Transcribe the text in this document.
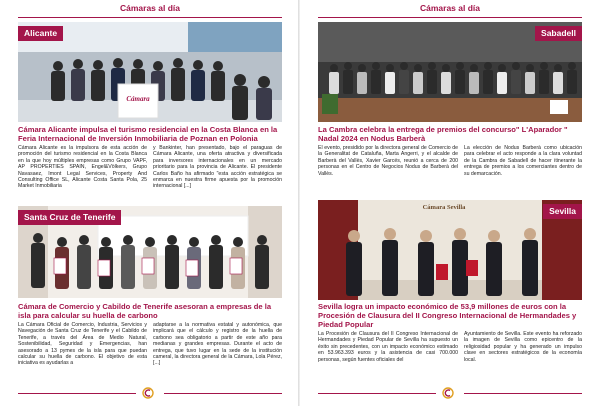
Cámaras al día
Cámara
Alicante
Cámara Alicante impulsa el turismo residencial en la Costa Blanca en la Feria Internacional de Inversión Inmobiliaria de Poznan en Polonia
Cámara Alicante es la impulsora de esta acción de promoción del turismo residencial en la Costa Blanca en la que hoy múltiples empresas como Grupo VAPF, AP PROPERTIES SPAIN, Engel&Völkers, Grupo Navasaez, Imont Legal Services, Property And Consulting Office SL, Alicante Costa Santa Pola, 25 Market Inmobiliaria
y Bankinter, han presentado, bajo el paraguas de Cámara Alicante, una oferta atractiva y diversificada para inversores internacionales en un mercado prioritario para la provincia de Alicante. El presidente Carlos Baño ha afirmado "esta acción estratégica se enmarca en nuestra firme apuesta por la promoción internacional [...]
Santa Cruz de Tenerife
Cámara de Comercio y Cabildo de Tenerife asesoran a empresas de la isla para calcular su huella de carbono
La Cámara Oficial de Comercio, Industria, Servicios y Navegación de Santa Cruz de Tenerife y el Cabildo de Tenerife, a través del Área de Medio Natural, Sostenibilidad, Seguridad y Emergencias, han asesorado a 13 pymes de la isla para que puedan calcular su huella de carbono. El objetivo de esta iniciativa es ayudarlas a
adaptarse a la normativa estatal y autonómica, que implicará que el cálculo y registro de la huella de carbono sea obligatorio a partir de este año para medianas y grandes empresas. Durante el acto de entrega, que tuvo lugar en la sede de la institución cameral, la directora general de la Cámara, Lola Pérez, [...]
Cámaras al día
Sabadell
La Cambra celebra la entrega de premios del concurso" L'Aparador " Nadal 2024 en Nodus Barberà
El evento, presidido por la directora general de Comercio de la Generalitat de Cataluña, Marta Angerri, y el alcalde de Barberà del Vallès, Xavier Garcés, reunió a cerca de 200 personas en el Centro de Negocios Nodus de Barberà del Vallès.
La elección de Nodus Barberà como ubicación para celebrar el acto responde a la clara voluntad de la Cambra de Sabadell de hacer itinerante la entrega de premios a los comerciantes dentro de su demarcación.
Cámara Sevilla	Sevilla
Sevilla logra un impacto económico de 53,9 millones de euros con la Procesión de Clausura del II Congreso Internacional de Hermandades y Piedad Popular
La Procesión de Clausura del II Congreso Internacional de Hermandades y Piedad Popular de Sevilla ha supuesto un éxito sin precedentes, con un impacto económico estimado en 53.963.393 euros y la asistencia de casi 700.000 personas, según fuentes oficiales del
Ayuntamiento de Sevilla. Este evento ha reforzado la imagen de Sevilla como epicentro de la religiosidad popular y ha generado un impulso clave en sectores estratégicos de la economía local.
